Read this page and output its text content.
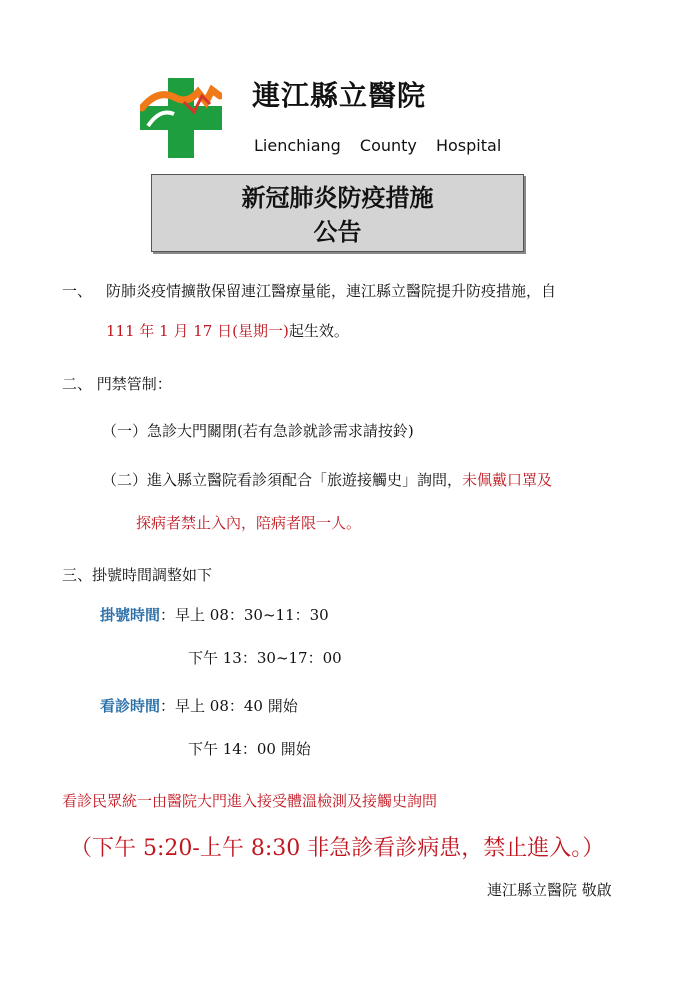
連江縣立醫院
Lienchiang County Hospital
新冠肺炎防疫措施
公告
一、 防肺炎疫情擴散保留連江醫療量能，連江縣立醫院提升防疫措施，自
111 年 1 月 17 日(星期一)起生效。
二、 門禁管制：
（一）急診大門關閉(若有急診就診需求請按鈴)
（二）進入縣立醫院看診須配合「旅遊接觸史」詢問，未佩戴口罩及
探病者禁止入內，陪病者限一人。
三、掛號時間調整如下
掛號時間：早上 08：30~11：30
下午 13：30~17：00
看診時間：早上 08：40 開始
下午 14：00 開始
看診民眾統一由醫院大門進入接受體溫檢測及接觸史詢問
（下午 5:20-上午 8:30 非急診看診病患，禁止進入。）
連江縣立醫院 敬啟
